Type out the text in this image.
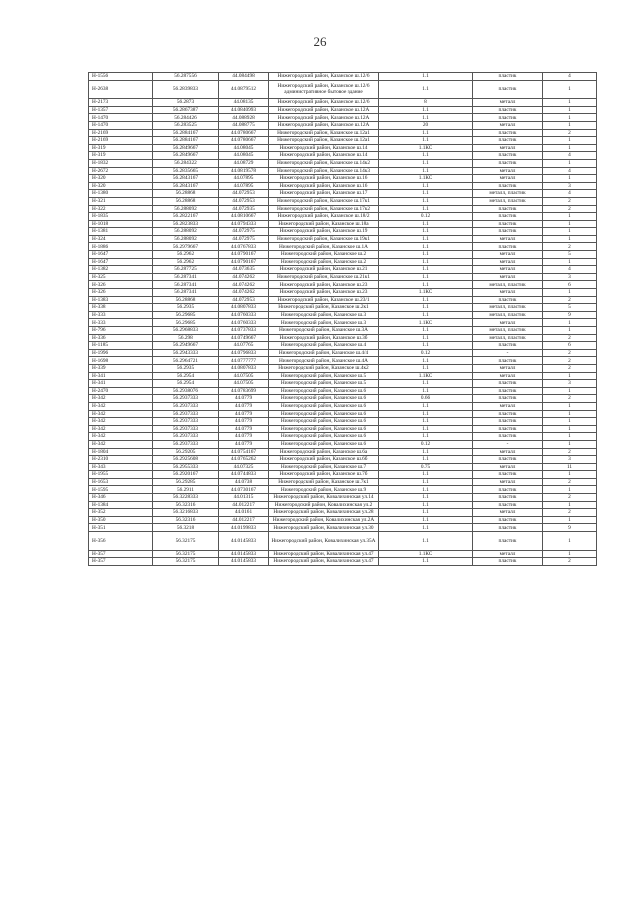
26
Н-1556	56.287556	44.084498	Нижегородский район, Казанское ш.12/6	1.1	пластик	4
Н-2638	56.2839833	44.0879512	Нижегородский район, Казанское ш.12/6 административное бытовое здание	1.1	пластик	1
Н-2173	56.2873	44.08135	Нижегородский район, Казанское ш.12/6	8	металл	1
Н-1357	56.2867387	44.0840993	Нижегородский район, Казанское ш.12А	1.1	пластик	1
Н-1470	56.284426	44.088928	Нижегородский район, Казанское ш.12А	1.1	пластик	1
Н-1470	56.283525	44.088775	Нижегородский район, Казанское ш.12А	20	металл	1
Н-2169	56.2884167	44.0780667	Нижегородский район, Казанское ш.12а1	1.1	пластик	2
Н-2169	56.2884167	44.0780667	Нижегородский район, Казанское ш.12а1	1.1	пластик	1
Н-319	56.2849667	44.08045	Нижегородский район, Казанское ш.14	1.1КС	металл	1
Н-319	56.2849667	44.08045	Нижегородский район, Казанское ш.14	1.1	пластик	4
Н-1832	56.284322	44.08729	Нижегородский район, Казанское ш.14к2	1.1	пластик	1
Н-2672	56.2835665	44.0819578	Нижегородский район, Казанское ш.14к3	1.1	металл	4
Н-320	56.2843167	44.07895	Нижегородский район, Казанское ш.16	1.1КС	металл	1
Н-320	56.2843167	44.07895	Нижегородский район, Казанское ш.16	1.1	пластик	3
Н-1380	56.28868	44.072953	Нижегородский район, Казанское ш.17	1.1	металл, пластик	4
Н-321	56.28868	44.072953	Нижегородский район, Казанское ш.17к1	1.1	металл, пластик	2
Н-322	56.288092	44.072935	Нижегородский район, Казанское ш.17к2	1.1	пластик	2
Н-1835	56.2822167	44.0810667	Нижегородский район, Казанское ш.18/2	0.12	пластик	1
Н-1018	56.2823833	44.0794333	Нижегородский район, Казанское ш.18а	1.1	пластик	1
Н-1381	56.288092	44.072975	Нижегородский район, Казанское ш.19	1.1	пластик	1
Н-324	56.288092	44.072975	Нижегородский район, Казанское ш.19к1	1.1	металл	1
Н-1886	56.2979667	44.0767833	Нижегородский район, Казанское ш.1А	1.1	пластик	2
Н-1647	56.2962	44.0790167	Нижегородский район, Казанское ш.2	1.1	металл	5
Н-1647	56.2962	44.0790167	Нижегородский район, Казанское ш.2	1.1	металл	1
Н-1382	56.287725	44.073635	Нижегородский район, Казанское ш.21	1.1	металл	4
Н-325	56.287341	44.074262	Нижегородский район, Казанское ш.21к1	1.1	металл	3
Н-326	56.287341	44.074262	Нижегородский район, Казанское ш.23	1.1	металл, пластик	6
Н-326	56.287341	44.074262	Нижегородский район, Казанское ш.23	1.1КС	металл	1
Н-1383	56.28868	44.072953	Нижегородский район, Казанское ш.23/1	1.1	пластик	2
Н-338	56.2935	44.0807833	Нижегородский район, Казанское ш.2к1	1.1	металл, пластик	5
Н-333	56.29685	44.0760333	Нижегородский район, Казанское ш.3	1.1	металл, пластик	9
Н-333	56.29685	44.0760333	Нижегородский район, Казанское ш.3	1.1КС	металл	1
Н-796	56.2968833	44.0737833	Нижегородский район, Казанское ш.3А	1.1	металл, пластик	1
Н-336	56.298	44.0749667	Нижегородский район, Казанское ш.3б	1.1	металл, пластик	2
Н-1185	56.2949667	44.07765	Нижегородский район, Казанское ш.4	1.1	пластик	6
Н-1996	56.2943333	44.0796833	Нижегородский район, Казанское ш.4/4	0.12	-	2
Н-1698	56.2964721	44.0777777	Нижегородский район, Казанское ш.4А	1.1	пластик	2
Н-339	56.2935	44.0807833	Нижегородский район, Казанское ш.4к2	1.1	металл	2
Н-341	56.2954	44.07505	Нижегородский район, Казанское ш.5	1.1КС	металл	1
Н-341	56.2954	44.07505	Нижегородский район, Казанское ш.5	1.1	пластик	3
Н-2470	56.2938076	44.0783699	Нижегородский район, Казанское ш.6	1.1	пластик	1
Н-342	56.2937333	44.0779	Нижегородский район, Казанское ш.6	0.66	пластик	2
Н-342	56.2937333	44.0779	Нижегородский район, Казанское ш.6	1.1	металл	1
Н-342	56.2937333	44.0779	Нижегородский район, Казанское ш.6	1.1	пластик	1
Н-342	56.2937333	44.0779	Нижегородский район, Казанское ш.6	1.1	пластик	1
Н-342	56.2937333	44.0779	Нижегородский район, Казанское ш.6	1.1	пластик	1
Н-342	56.2937333	44.0779	Нижегородский район, Казанское ш.6	1.1	пластик	1
Н-342	56.2937333	44.0779	Нижегородский район, Казанское ш.6	0.12	-	1
Н-1804	56.29205	44.0754167	Нижегородский район, Казанское ш.6а	1.1	металл	2
Н-2310	56.2925608	44.0765262	Нижегородский район, Казанское ш.6б	1.1	пластик	3
Н-343	56.2955333	44.07325	Нижегородский район, Казанское ш.7	0.75	металл	11
Н-1955	56.2920167	44.0744833	Нижегородский район, Казанское ш.7б	1.1	пластик	1
Н-1653	56.29285	44.0738	Нижегородский район, Казанское ш.7к1	1.1	металл	2
Н-1595	56.2911	44.0730167	Нижегородский район, Казанское ш.9	1.1	пластик	1
Н-346	56.3228333	44.01315	Нижегородский район, Ковалихинская ул.14	1.1	пластик	2
Н-1384	56.32316	44.012217	Нижегородский район, Ковалихинская ул.2	1.1	пластик	1
Н-352	56.3216833	44.0161	Нижегородский район, Ковалихинская ул.28	1.1	металл	2
Н-350	56.32316	44.012217	Нижегородский район, Ковалихинская ул.2А	1.1	пластик	1
Н-351	56.3218	44.0199833	Нижегородский район, Ковалихинская ул.30	1.1	пластик	9
Н-356	56.32175	44.0145833	Нижегородский район, Ковалихинская ул.35А	1.1	пластик	1
Н-357	56.32175	44.0145833	Нижегородский район, Ковалихинская ул.47	1.1КС	металл	1
Н-357	56.32175	44.0145833	Нижегородский район, Ковалихинская ул.47	1.1	пластик	2
